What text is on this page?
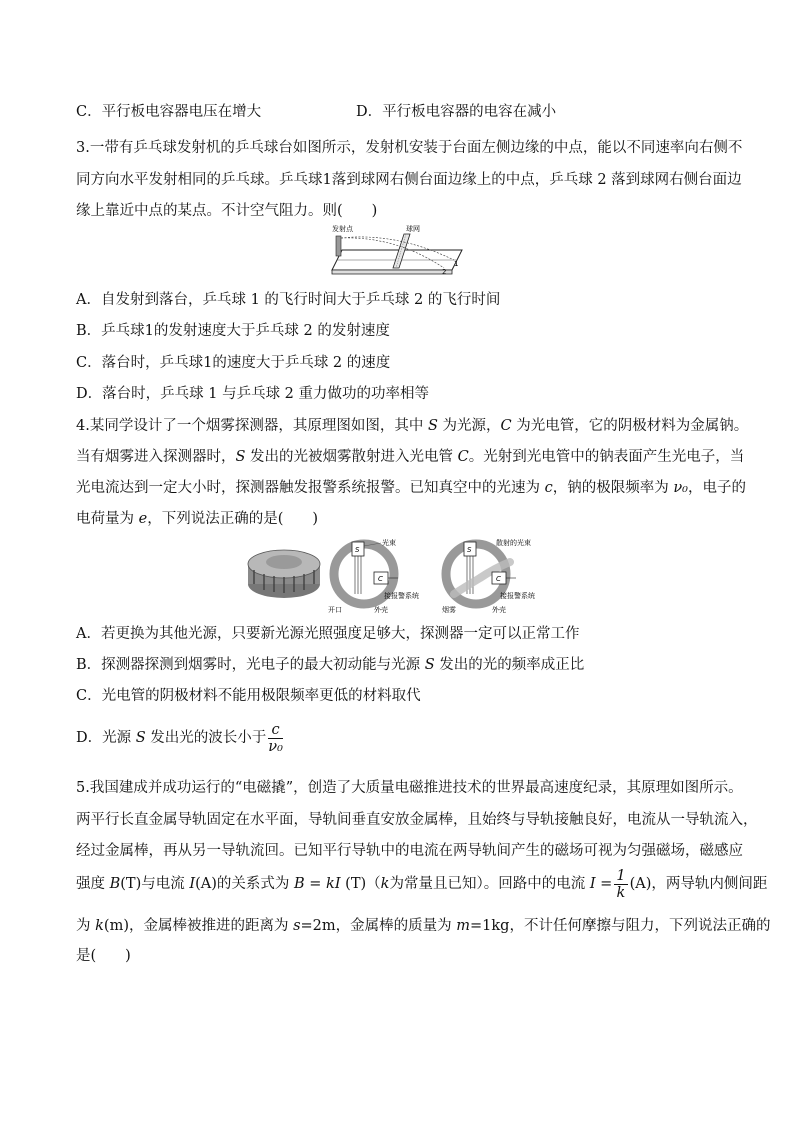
C．平行板电容器电压在增大	D．平行板电容器的电容在减小
3.一带有乒乓球发射机的乒乓球台如图所示，发射机安装于台面左侧边缘的中点，能以不同速率向右侧不
同方向水平发射相同的乒乓球。乒乓球1落到球网右侧台面边缘上的中点，乒乓球 2 落到球网右侧台面边
缘上靠近中点的某点。不计空气阻力。则(　　)
发射点	球网
1
2
A．自发射到落台，乒乓球 1 的飞行时间大于乒乓球 2 的飞行时间
B．乒乓球1的发射速度大于乒乓球 2 的发射速度
C．落台时，乒乓球1的速度大于乒乓球 2 的速度
D．落台时，乒乓球 1 与乒乓球 2 重力做功的功率相等
4.某同学设计了一个烟雾探测器，其原理图如图，其中 S 为光源，C 为光电管，它的阴极材料为金属钠。
当有烟雾进入探测器时，S 发出的光被烟雾散射进入光电管 C。光射到光电管中的钠表面产生光电子，当
光电流达到一定大小时，探测器触发报警系统报警。已知真空中的光速为 c，钠的极限频率为 ν₀，电子的
电荷量为 e，下列说法正确的是(　　)
S
C
光束
接报警系统
开口	外壳
S
C
散射的光束
接报警系统
烟雾	外壳
A．若更换为其他光源，只要新光源光照强度足够大，探测器一定可以正常工作
B．探测器探测到烟雾时，光电子的最大初动能与光源 S 发出的光的频率成正比
C．光电管的阴极材料不能用极限频率更低的材料取代
D．光源 S 发出光的波长小于 $\frac{c}{\text{ν₀}}$
5.我国建成并成功运行的“电磁撬”，创造了大质量电磁推进技术的世界最高速度纪录，其原理如图所示。
两平行长直金属导轨固定在水平面，导轨间垂直安放金属棒，且始终与导轨接触良好，电流从一导轨流入，
经过金属棒，再从另一导轨流回。已知平行导轨中的电流在两导轨间产生的磁场可视为匀强磁场，磁感应
强度 B(T)与电流 I(A)的关系式为 B = kI (T)（k为常量且已知）。回路中的电流 $I = \frac{1}{k} (A)$，两导轨内侧间距
为 k(m)，金属棒被推进的距离为 s=2m，金属棒的质量为 m=1kg，不计任何摩擦与阻力，下列说法正确的
是(　　)
